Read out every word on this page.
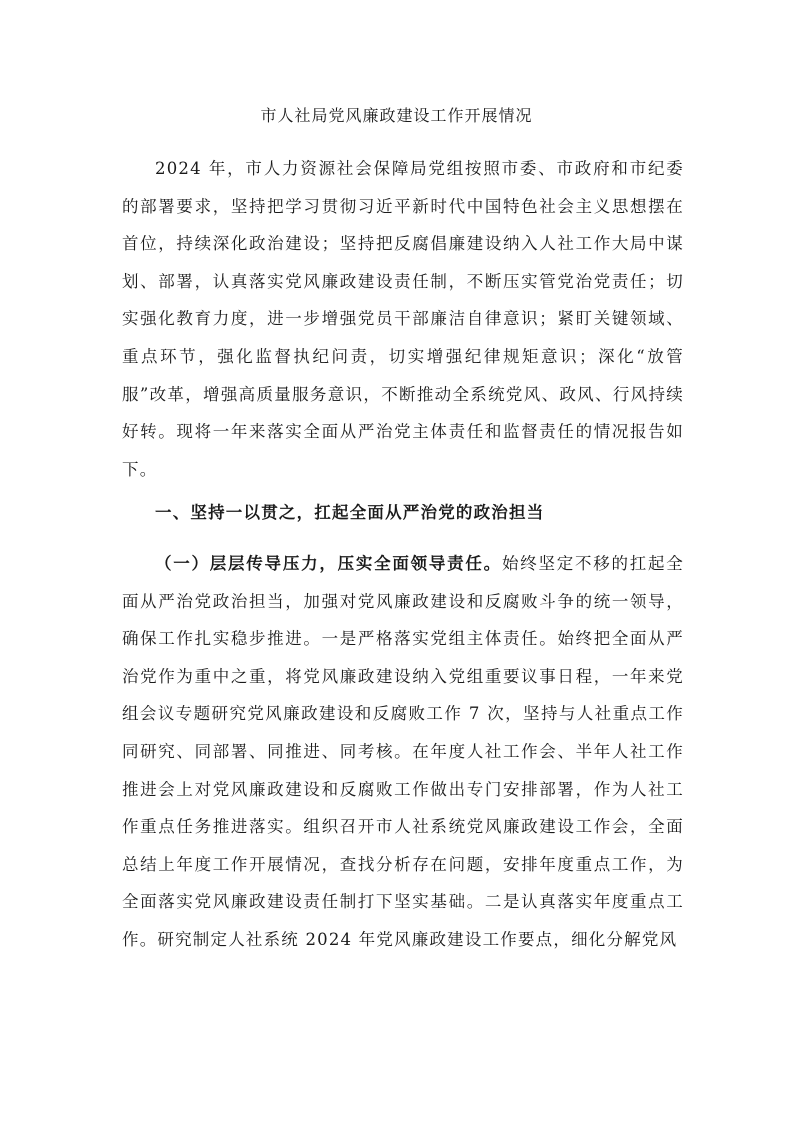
市人社局党风廉政建设工作开展情况

2024 年，市人力资源社会保障局党组按照市委、市政府和市纪委的部署要求，坚持把学习贯彻习近平新时代中国特色社会主义思想摆在首位，持续深化政治建设；坚持把反腐倡廉建设纳入人社工作大局中谋划、部署，认真落实党风廉政建设责任制，不断压实管党治党责任；切实强化教育力度，进一步增强党员干部廉洁自律意识；紧盯关键领域、重点环节，强化监督执纪问责，切实增强纪律规矩意识；深化“放管服”改革，增强高质量服务意识，不断推动全系统党风、政风、行风持续好转。现将一年来落实全面从严治党主体责任和监督责任的情况报告如下。

一、坚持一以贯之，扛起全面从严治党的政治担当

（一）层层传导压力，压实全面领导责任。始终坚定不移的扛起全面从严治党政治担当，加强对党风廉政建设和反腐败斗争的统一领导，确保工作扎实稳步推进。一是严格落实党组主体责任。始终把全面从严治党作为重中之重，将党风廉政建设纳入党组重要议事日程，一年来党组会议专题研究党风廉政建设和反腐败工作 7 次，坚持与人社重点工作同研究、同部署、同推进、同考核。在年度人社工作会、半年人社工作推进会上对党风廉政建设和反腐败工作做出专门安排部署，作为人社工作重点任务推进落实。组织召开市人社系统党风廉政建设工作会，全面总结上年度工作开展情况，查找分析存在问题，安排年度重点工作，为全面落实党风廉政建设责任制打下坚实基础。二是认真落实年度重点工作。研究制定人社系统 2024 年党风廉政建设工作要点，细化分解党风
